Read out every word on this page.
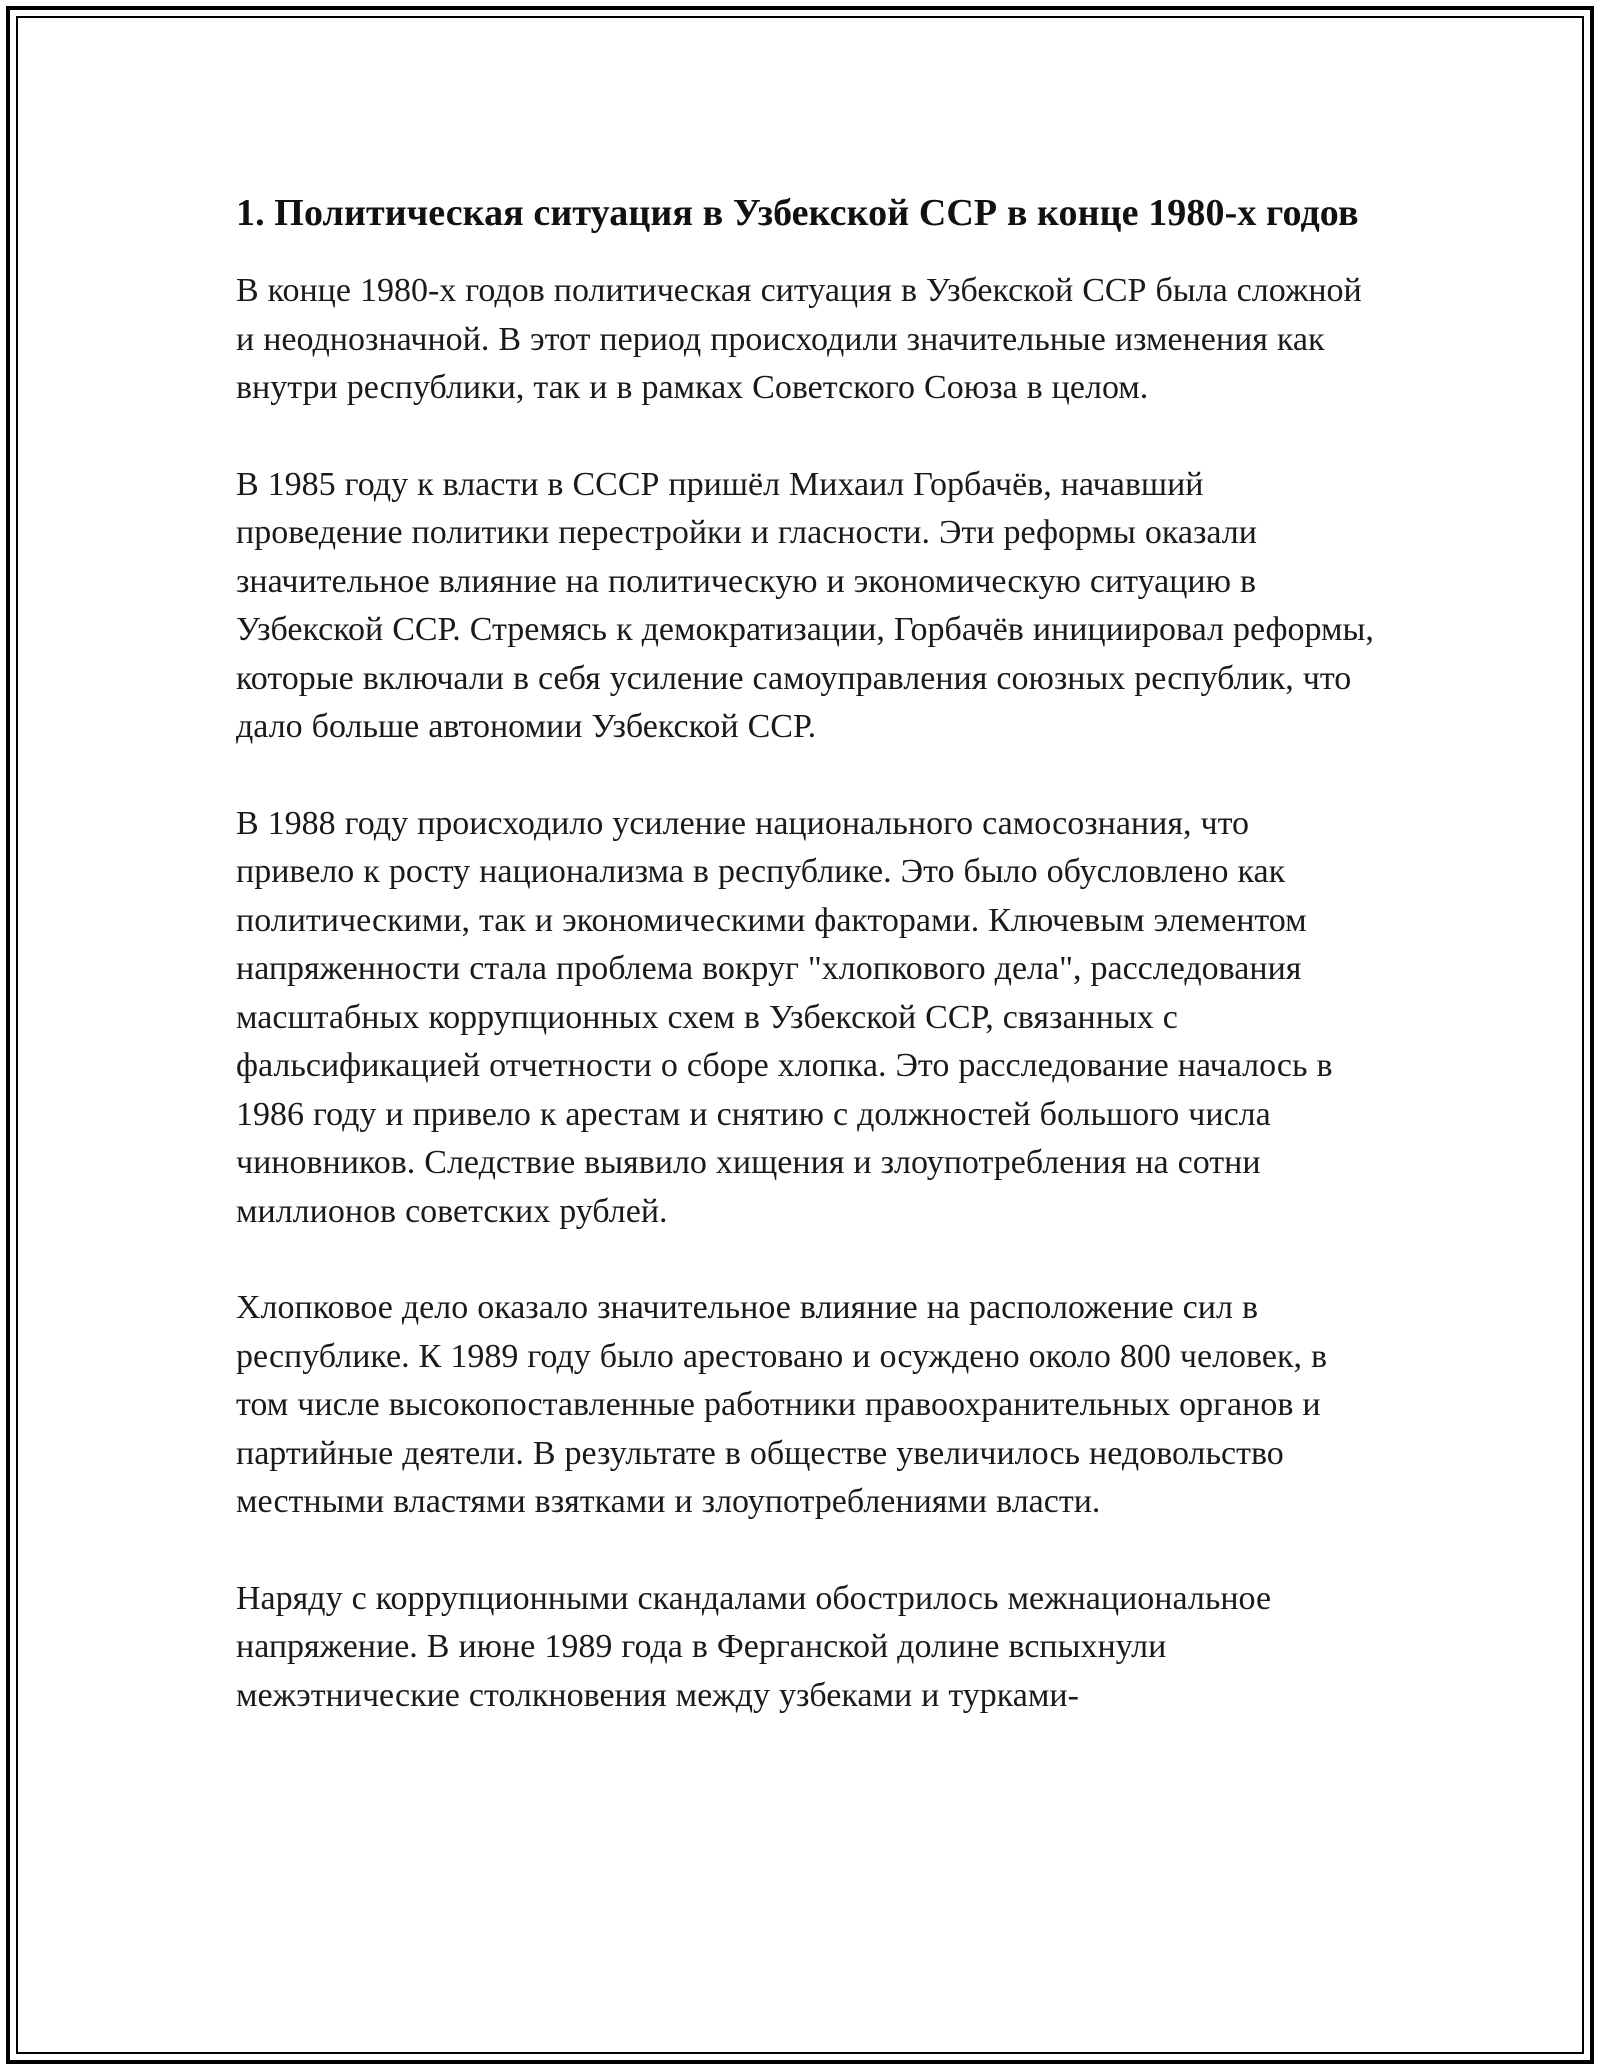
1. Политическая ситуация в Узбекской ССР в конце 1980-х годов

В конце 1980-х годов политическая ситуация в Узбекской ССР была сложной и неоднозначной. В этот период происходили значительные изменения как внутри республики, так и в рамках Советского Союза в целом.

В 1985 году к власти в СССР пришёл Михаил Горбачёв, начавший проведение политики перестройки и гласности. Эти реформы оказали значительное влияние на политическую и экономическую ситуацию в Узбекской ССР. Стремясь к демократизации, Горбачёв инициировал реформы, которые включали в себя усиление самоуправления союзных республик, что дало больше автономии Узбекской ССР.

В 1988 году происходило усиление национального самосознания, что привело к росту национализма в республике. Это было обусловлено как политическими, так и экономическими факторами. Ключевым элементом напряженности стала проблема вокруг "хлопкового дела", расследования масштабных коррупционных схем в Узбекской ССР, связанных с фальсификацией отчетности о сборе хлопка. Это расследование началось в 1986 году и привело к арестам и снятию с должностей большого числа чиновников. Следствие выявило хищения и злоупотребления на сотни миллионов советских рублей.

Хлопковое дело оказало значительное влияние на расположение сил в республике. К 1989 году было арестовано и осуждено около 800 человек, в том числе высокопоставленные работники правоохранительных органов и партийные деятели. В результате в обществе увеличилось недовольство местными властями взятками и злоупотреблениями власти.

Наряду с коррупционными скандалами обострилось межнациональное напряжение. В июне 1989 года в Ферганской долине вспыхнули межэтнические столкновения между узбеками и турками-
